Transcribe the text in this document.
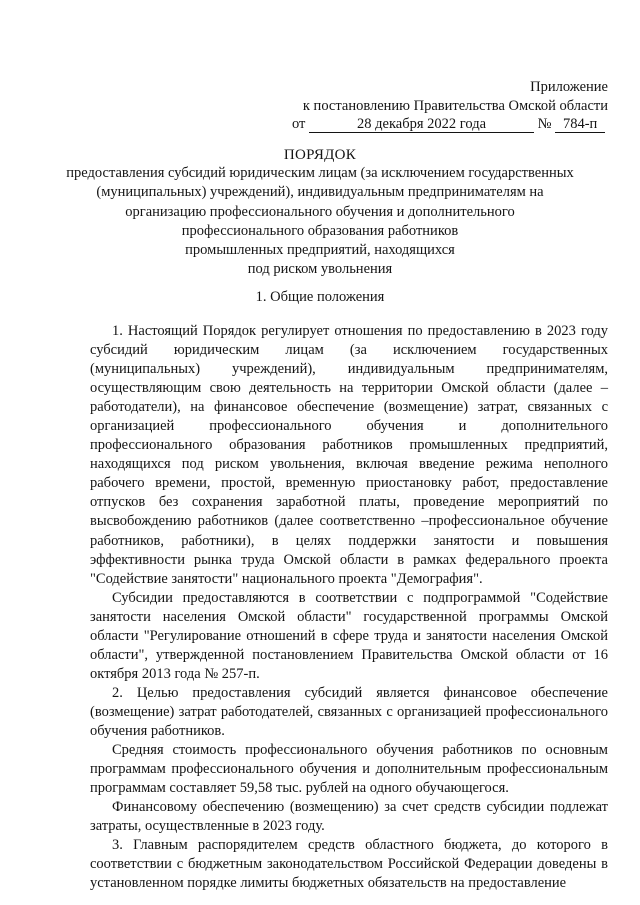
Приложение
к постановлению Правительства Омской области
от	28 декабря 2022 года	№ 784-п
ПОРЯДОК
предоставления субсидий юридическим лицам (за исключением государственных
(муниципальных) учреждений), индивидуальным предпринимателям на
организацию профессионального обучения и дополнительного
профессионального образования работников
промышленных предприятий, находящихся
под риском увольнения
1. Общие положения

1. Настоящий Порядок регулирует отношения по предоставлению в 2023 году субсидий юридическим лицам (за исключением государственных (муниципальных) учреждений), индивидуальным предпринимателям, осуществляющим свою деятельность на территории Омской области (далее – работодатели), на финансовое обеспечение (возмещение) затрат, связанных с организацией профессионального обучения и дополнительного профессионального образования работников промышленных предприятий, находящихся под риском увольнения, включая введение режима неполного рабочего времени, простой, временную приостановку работ, предоставление отпусков без сохранения заработной платы, проведение мероприятий по высвобождению работников (далее соответственно –профессиональное обучение работников, работники), в целях поддержки занятости и повышения эффективности рынка труда Омской области в рамках федерального проекта "Содействие занятости" национального проекта "Демография".

Субсидии предоставляются в соответствии с подпрограммой "Содействие занятости населения Омской области" государственной программы Омской области "Регулирование отношений в сфере труда и занятости населения Омской области", утвержденной постановлением Правительства Омской области от 16 октября 2013 года № 257-п.

2. Целью предоставления субсидий является финансовое обеспечение (возмещение) затрат работодателей, связанных с организацией профессионального обучения работников.

Средняя стоимость профессионального обучения работников по основным программам профессионального обучения и дополнительным профессиональным программам составляет 59,58 тыс. рублей на одного обучающегося.

Финансовому обеспечению (возмещению) за счет средств субсидии подлежат затраты, осуществленные в 2023 году.

3. Главным распорядителем средств областного бюджета, до которого в соответствии с бюджетным законодательством Российской Федерации доведены в установленном порядке лимиты бюджетных обязательств на предоставление
